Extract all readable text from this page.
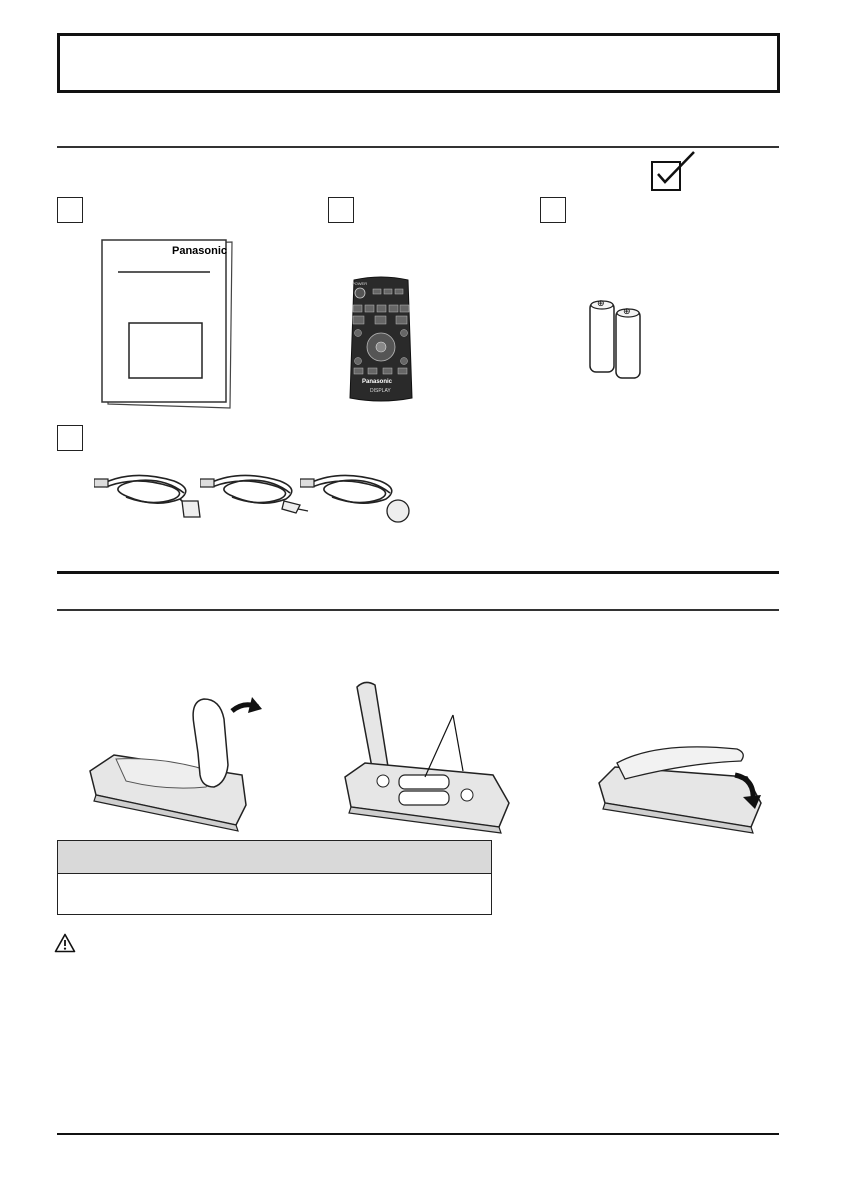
Panasonic
POWER
Panasonic
DISPLAY
⊕
⊕
